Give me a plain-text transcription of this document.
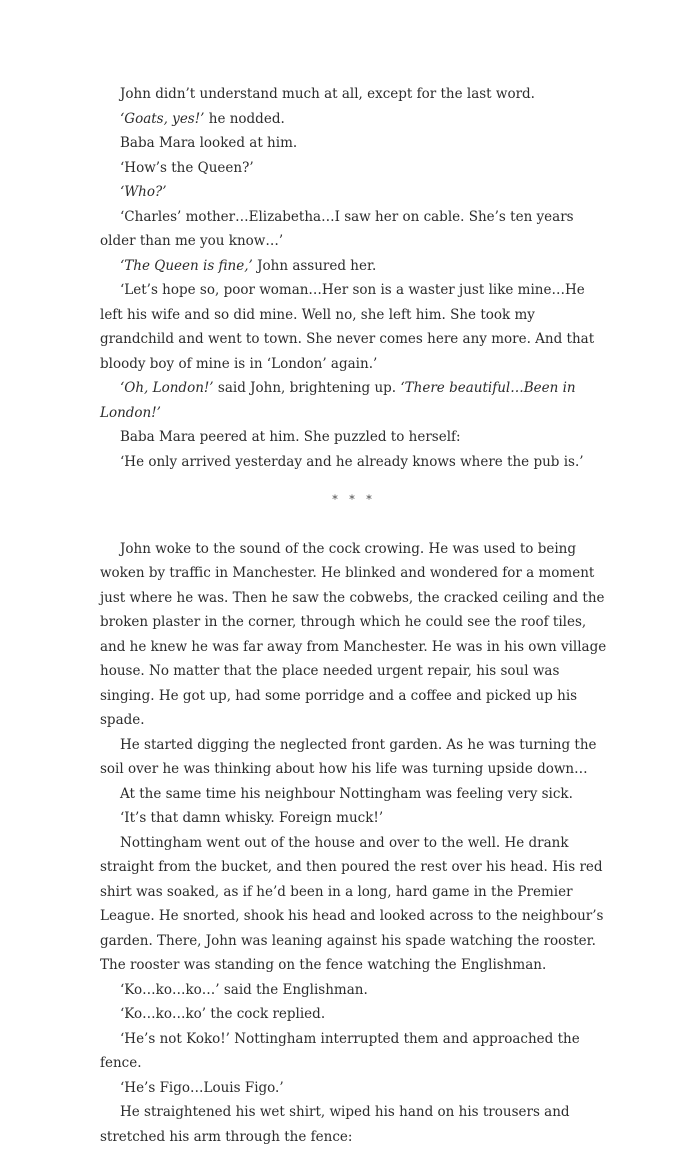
John didn’t understand much at all, except for the last word.

‘Goats, yes!’ he nodded.

Baba Mara looked at him.

‘How’s the Queen?’

‘Who?’

‘Charles’ mother…Elizabetha…I saw her on cable. She’s ten years older than me you know…’

‘The Queen is fine,’ John assured her.

‘Let’s hope so, poor woman…Her son is a waster just like mine…He left his wife and so did mine. Well no, she left him. She took my grandchild and went to town. She never comes here any more. And that bloody boy of mine is in ‘London’ again.’

‘Oh, London!’ said John, brightening up. ‘There beautiful…Been in London!’

Baba Mara peered at him. She puzzled to herself:

‘He only arrived yesterday and he already knows where the pub is.’

* * *

John woke to the sound of the cock crowing. He was used to being woken by traffic in Manchester. He blinked and wondered for a moment just where he was. Then he saw the cobwebs, the cracked ceiling and the broken plaster in the corner, through which he could see the roof tiles, and he knew he was far away from Manchester. He was in his own village house. No matter that the place needed urgent repair, his soul was singing. He got up, had some porridge and a coffee and picked up his spade.

He started digging the neglected front garden. As he was turning the soil over he was thinking about how his life was turning upside down…

At the same time his neighbour Nottingham was feeling very sick.

‘It’s that damn whisky. Foreign muck!’

Nottingham went out of the house and over to the well. He drank straight from the bucket, and then poured the rest over his head. His red shirt was soaked, as if he’d been in a long, hard game in the Premier League. He snorted, shook his head and looked across to the neighbour’s garden. There, John was leaning against his spade watching the rooster. The rooster was standing on the fence watching the Englishman.

‘Ko…ko…ko…’ said the Englishman.

‘Ko…ko…ko’ the cock replied.

‘He’s not Koko!’ Nottingham interrupted them and approached the fence.

‘He’s Figo…Louis Figo.’

He straightened his wet shirt, wiped his hand on his trousers and stretched his arm through the fence:
